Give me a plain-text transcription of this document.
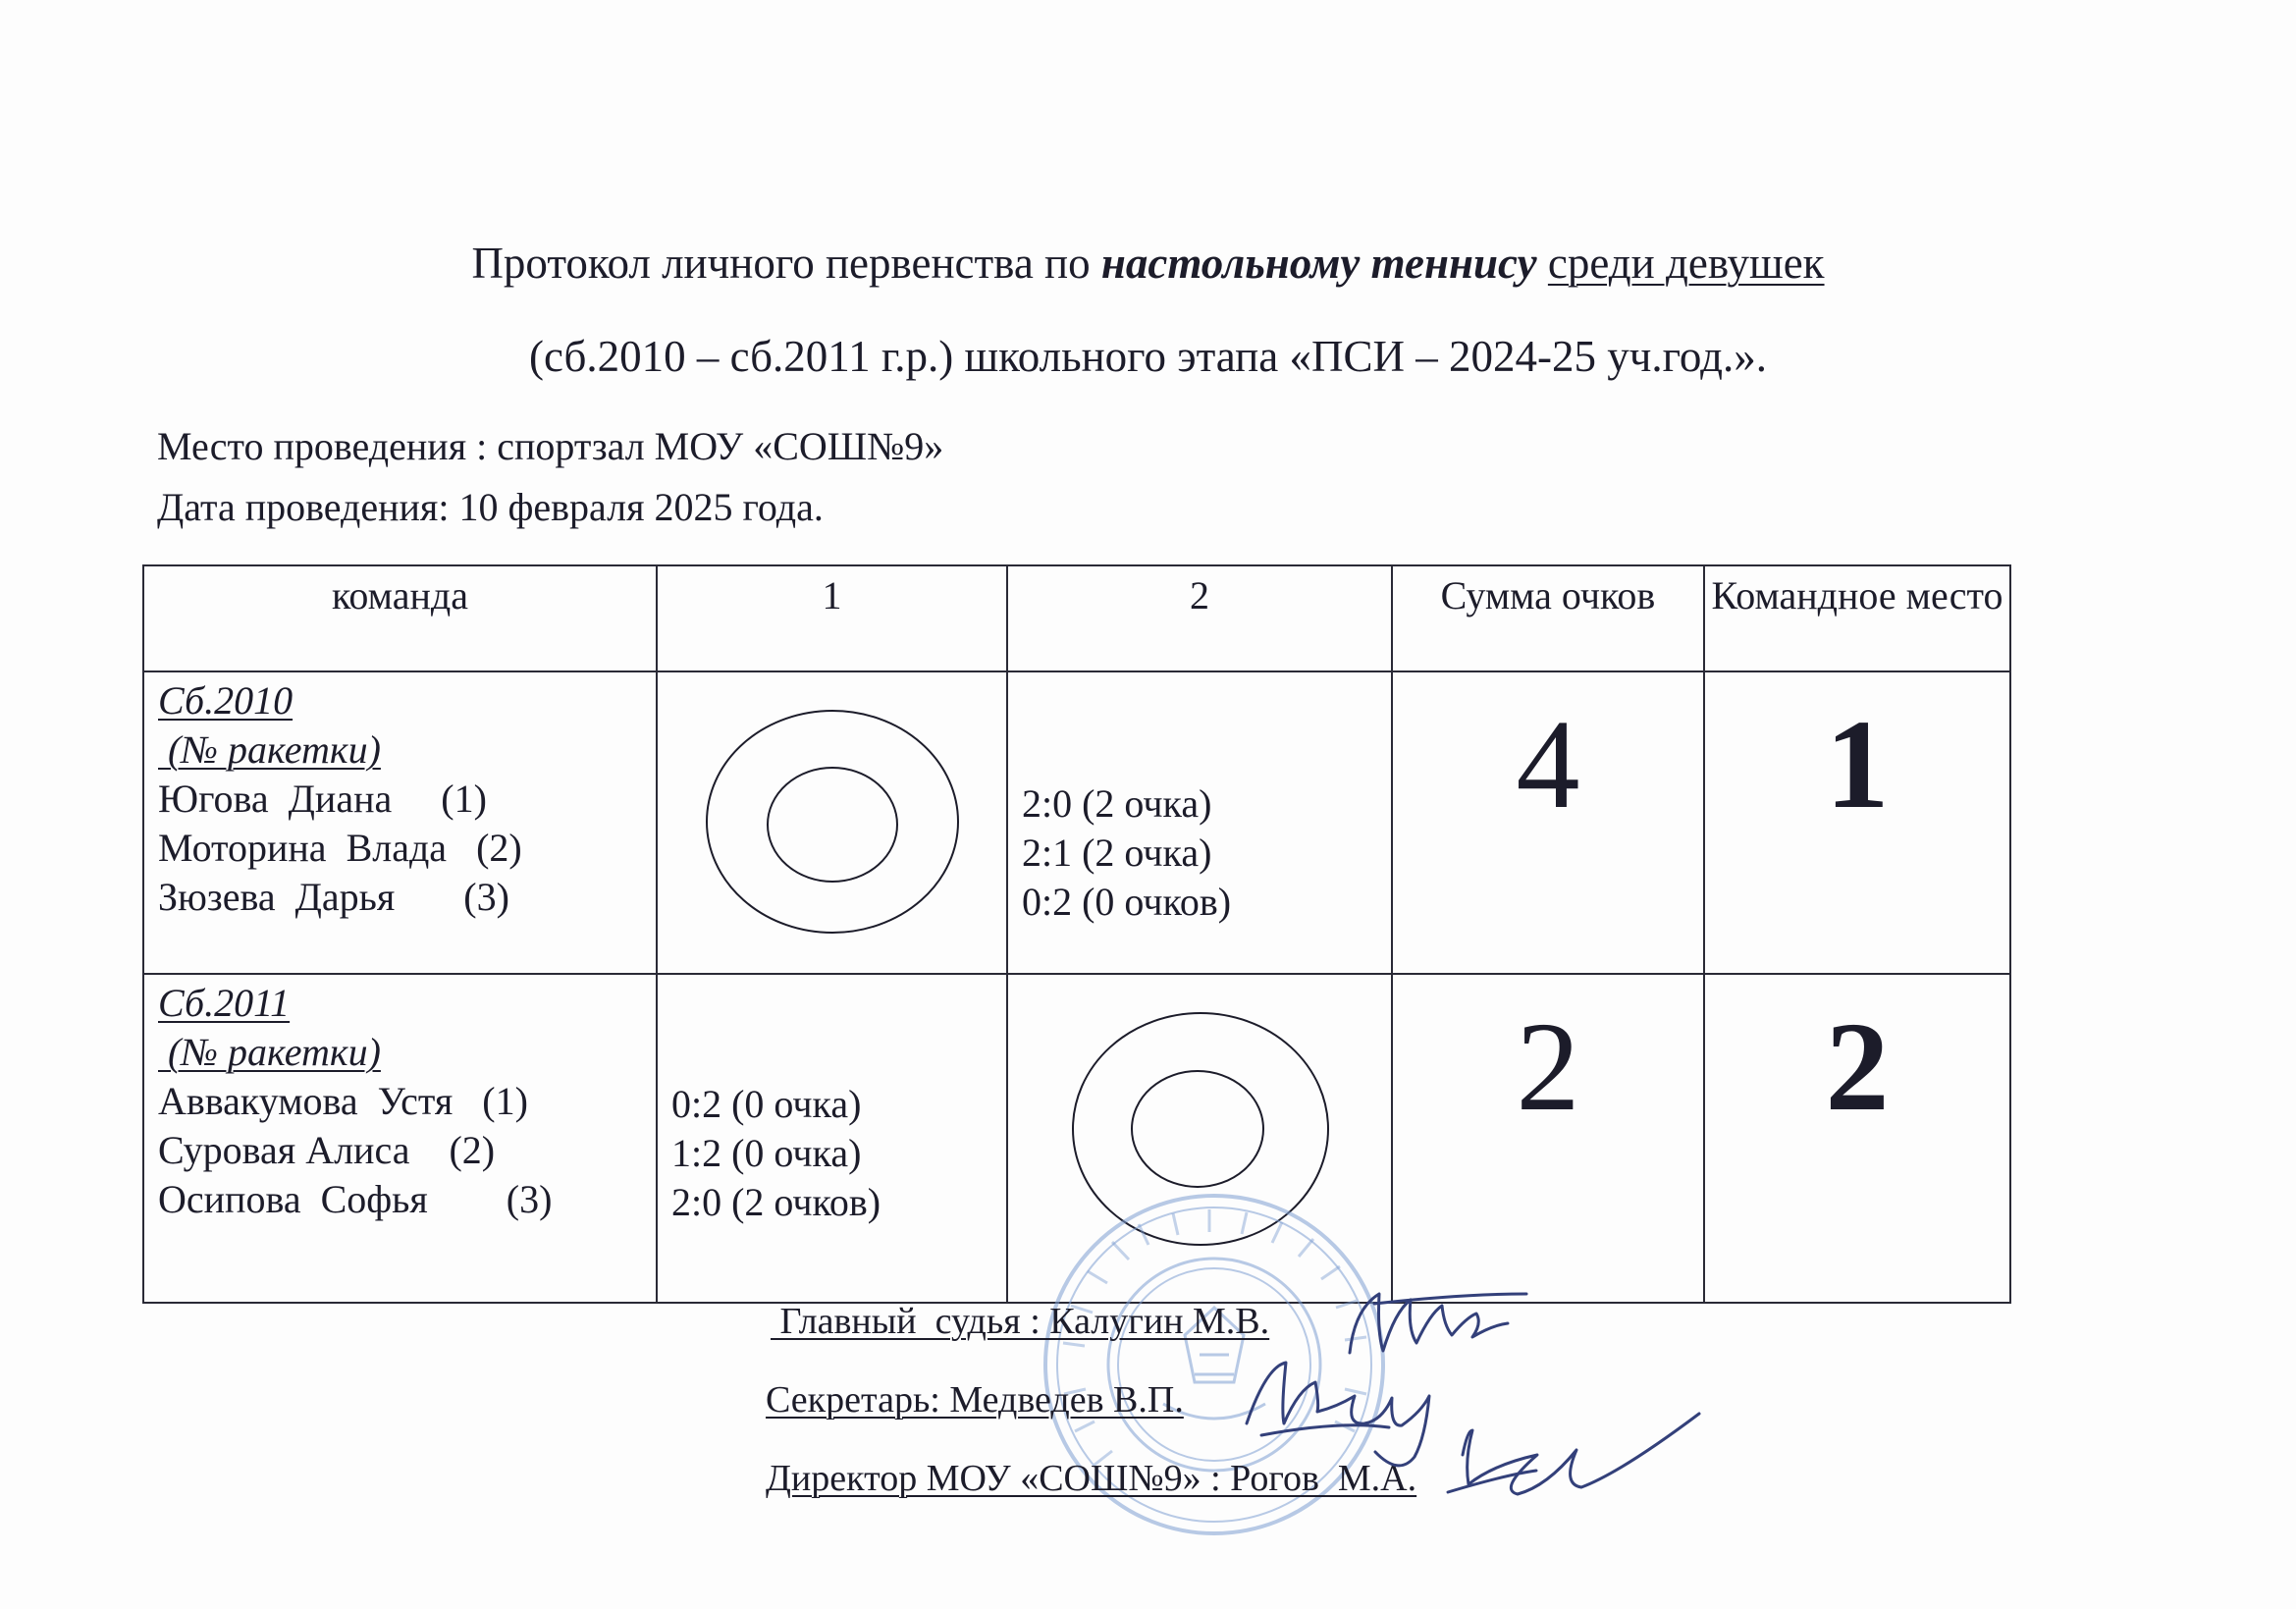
Протокол личного первенства по настольному теннису среди девушек
(сб.2010 – сб.2011 г.р.) школьного этапа «ПСИ – 2024-25 уч.год.».
Место проведения : спортзал МОУ «СОШ№9»
Дата проведения: 10 февраля 2025 года.
команда	1	2	Сумма очков	Командное место

Сб.2010
(№ ракетки)
Югова  Диана     (1)
Моторина  Влада   (2)
Зюзева  Дарья       (3)		2:0 (2 очка)
2:1 (2 очка)
0:2 (0 очков)	4	1

Сб.2011
(№ ракетки)
Аввакумова  Устя   (1)
Суровая Алиса    (2)
Осипова  Софья        (3)	0:2 (0 очка)
1:2 (0 очка)
2:0 (2 очков)		2	2
Главный  судья : Калугин М.В.
Секретарь: Медведев В.П.
Директор МОУ «СОШ№9» : Рогов  М.А.
